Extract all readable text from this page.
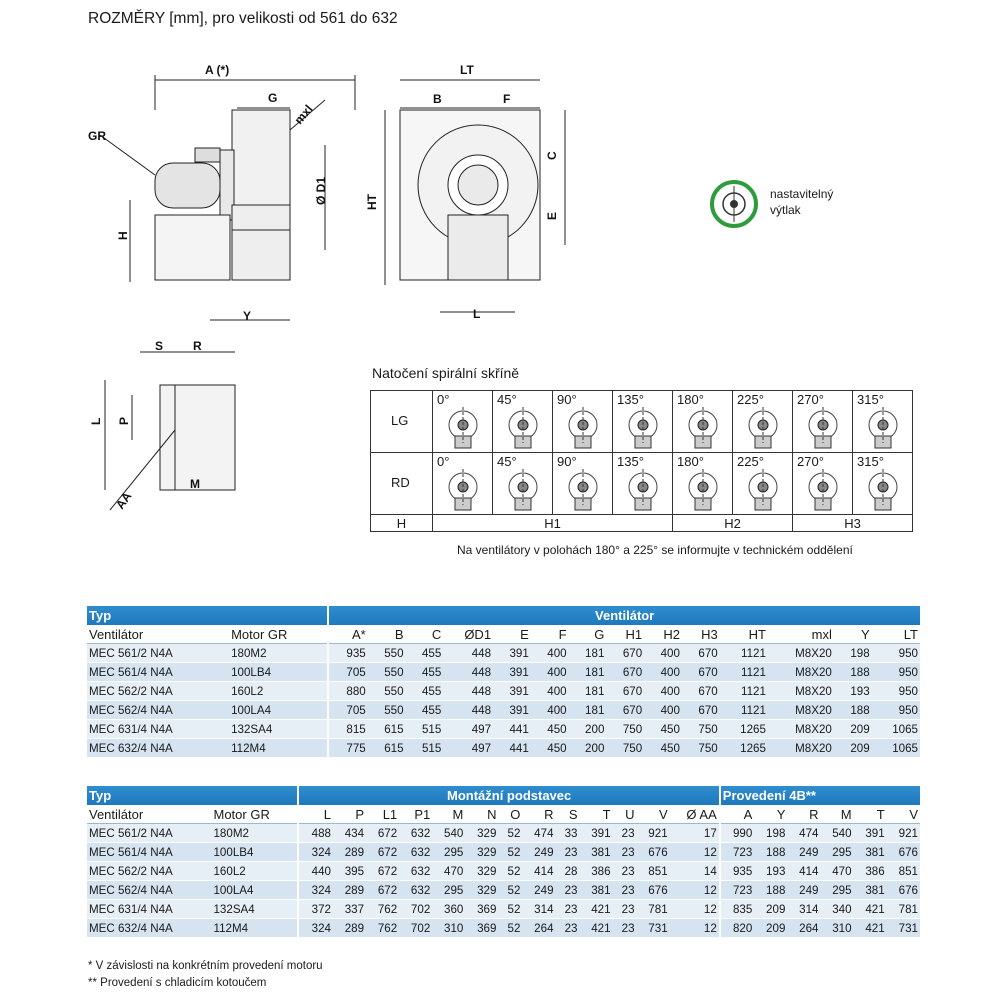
ROZMĚRY [mm], pro velikosti od 561 do 632
A (*)
G
mxl
GR
Ø D1
H
Y
LT
B	F
C
HT
E
L
S R
L P
AA
M
nastavitelný výtlak
Natočení spirální skříně
LG	0°	45°	90°	135°	180°	225°	270°	315°

RD	0°	45°	90°	135°	180°	225°	270°	315°

H	H1				H2		H3	
Na ventilátory v polohách 180° a 225° se informujte v technickém oddělení
Typ		Ventilátor													
Ventilátor	Motor GR	A*	B	C	ØD1	E	F	G	H1	H2	H3	HT	mxl	Y	LT
MEC 561/2 N4A	180M2	935	550	455	448	391	400	181	670	400	670	1121	M8X20	198	950
MEC 561/4 N4A	100LB4	705	550	455	448	391	400	181	670	400	670	1121	M8X20	188	950
MEC 562/2 N4A	160L2	880	550	455	448	391	400	181	670	400	670	1121	M8X20	193	950
MEC 562/4 N4A	100LA4	705	550	455	448	391	400	181	670	400	670	1121	M8X20	188	950
MEC 631/4 N4A	132SA4	815	615	515	497	441	450	200	750	450	750	1265	M8X20	209	1065
MEC 632/4 N4A	112M4	775	615	515	497	441	450	200	750	450	750	1265	M8X20	209	1065
Typ		Montážní podstavec													Provedení 4B**					
Ventilátor	Motor GR	L	P	L1	P1	M	N	O	R	S	T	U	V	Ø AA	A	Y	R	M	T	V
MEC 561/2 N4A	180M2	488	434	672	632	540	329	52	474	33	391	23	921	17	990	198	474	540	391	921
MEC 561/4 N4A	100LB4	324	289	672	632	295	329	52	249	23	381	23	676	12	723	188	249	295	381	676
MEC 562/2 N4A	160L2	440	395	672	632	470	329	52	414	28	386	23	851	14	935	193	414	470	386	851
MEC 562/4 N4A	100LA4	324	289	672	632	295	329	52	249	23	381	23	676	12	723	188	249	295	381	676
MEC 631/4 N4A	132SA4	372	337	762	702	360	369	52	314	23	421	23	781	12	835	209	314	340	421	781
MEC 632/4 N4A	112M4	324	289	762	702	310	369	52	264	23	421	23	731	12	820	209	264	310	421	731
* V závislosti na konkrétním provedení motoru
** Provedení s chladicím kotoučem
